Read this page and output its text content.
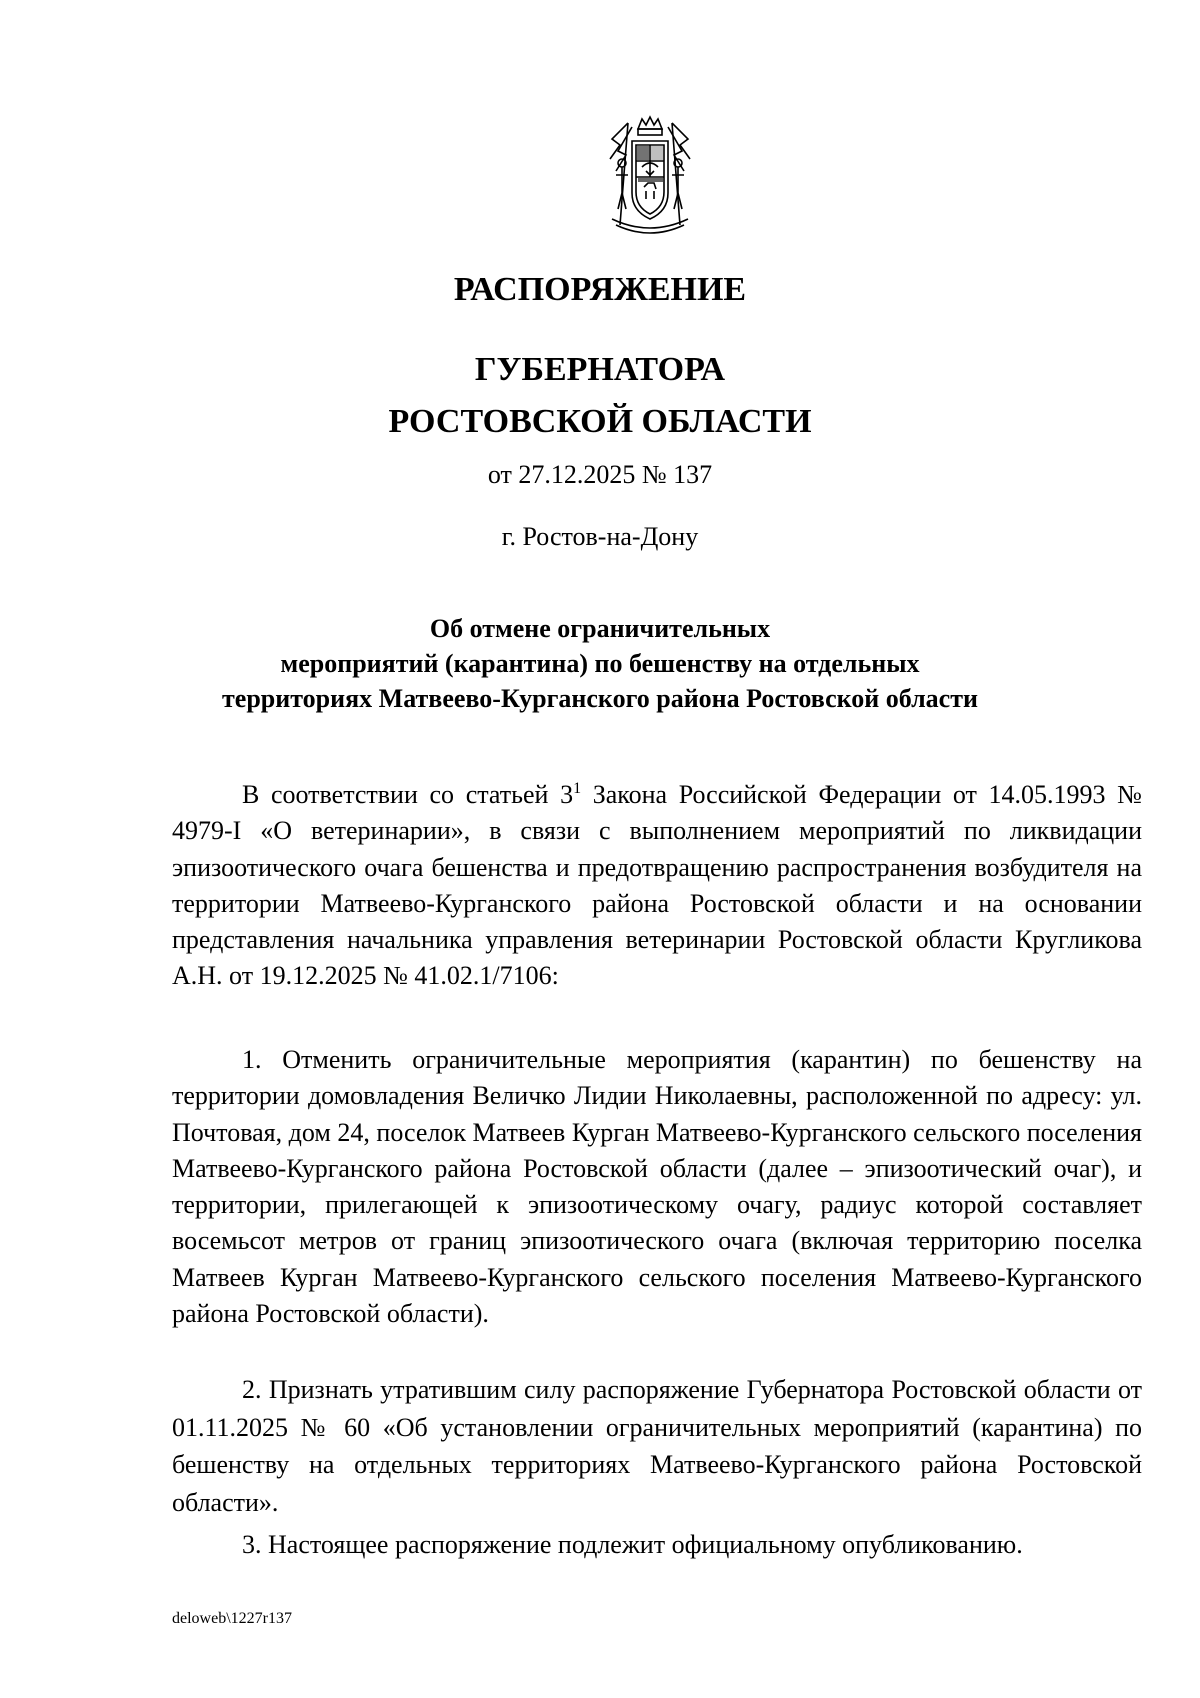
РАСПОРЯЖЕНИЕ
ГУБЕРНАТОРА
РОСТОВСКОЙ ОБЛАСТИ
от 27.12.2025 № 137
г. Ростов-на-Дону
Об отмене ограничительных
мероприятий (карантина) по бешенству на отдельных
территориях Матвеево-Курганского района Ростовской области

В соответствии со статьей $3^1$ Закона Российской Федерации от 14.05.1993 № 4979-I «О ветеринарии», в связи с выполнением мероприятий по ликвидации эпизоотического очага бешенства и предотвращению распространения возбудителя на территории Матвеево-Курганского района Ростовской области и на основании представления начальника управления ветеринарии Ростовской области Кругликова А.Н. от 19.12.2025 № 41.02.1/7106:

1. Отменить ограничительные мероприятия (карантин) по бешенству на территории домовладения Величко Лидии Николаевны, расположенной по адресу: ул. Почтовая, дом 24, поселок Матвеев Курган Матвеево-Курганского сельского поселения Матвеево-Курганского района Ростовской области (далее – эпизоотический очаг), и территории, прилегающей к эпизоотическому очагу, радиус которой составляет восемьсот метров от границ эпизоотического очага (включая территорию поселка Матвеев Курган Матвеево-Курганского сельского поселения Матвеево-Курганского района Ростовской области).

2. Признать утратившим силу распоряжение Губернатора Ростовской области от 01.11.2025 № 60 «Об установлении ограничительных мероприятий (карантина) по бешенству на отдельных территориях Матвеево-Курганского района Ростовской области».

3. Настоящее распоряжение подлежит официальному опубликованию.

deloweb\1227r137
